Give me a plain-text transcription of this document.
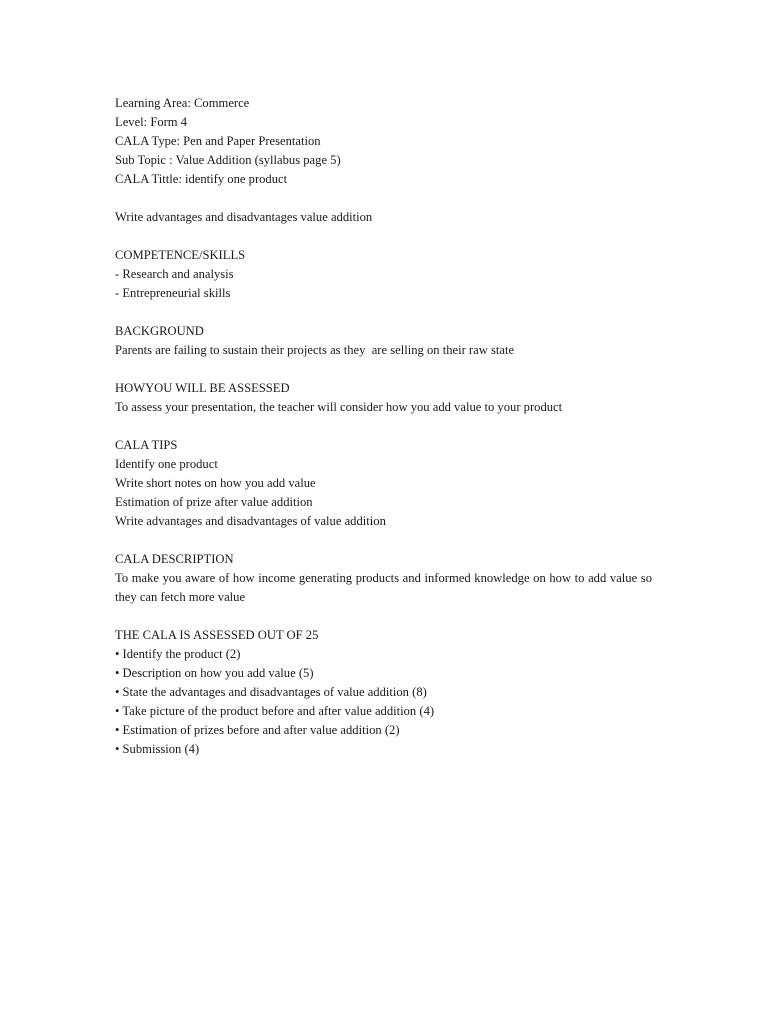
Learning Area: Commerce

Level: Form 4

CALA Type: Pen and Paper Presentation

Sub Topic : Value Addition (syllabus page 5)

CALA Tittle: identify one product

Write advantages and disadvantages value addition

COMPETENCE/SKILLS

- Research and analysis

- Entrepreneurial skills

BACKGROUND

Parents are failing to sustain their projects as they  are selling on their raw state

HOWYOU WILL BE ASSESSED

To assess your presentation, the teacher will consider how you add value to your product

CALA TIPS

Identify one product

Write short notes on how you add value

Estimation of prize after value addition

Write advantages and disadvantages of value addition

CALA DESCRIPTION

To make you aware of how income generating products and informed knowledge on how to add value so they can fetch more value

THE CALA IS ASSESSED OUT OF 25

• Identify the product (2)

• Description on how you add value (5)

• State the advantages and disadvantages of value addition (8)

• Take picture of the product before and after value addition (4)

• Estimation of prizes before and after value addition (2)

• Submission (4)
